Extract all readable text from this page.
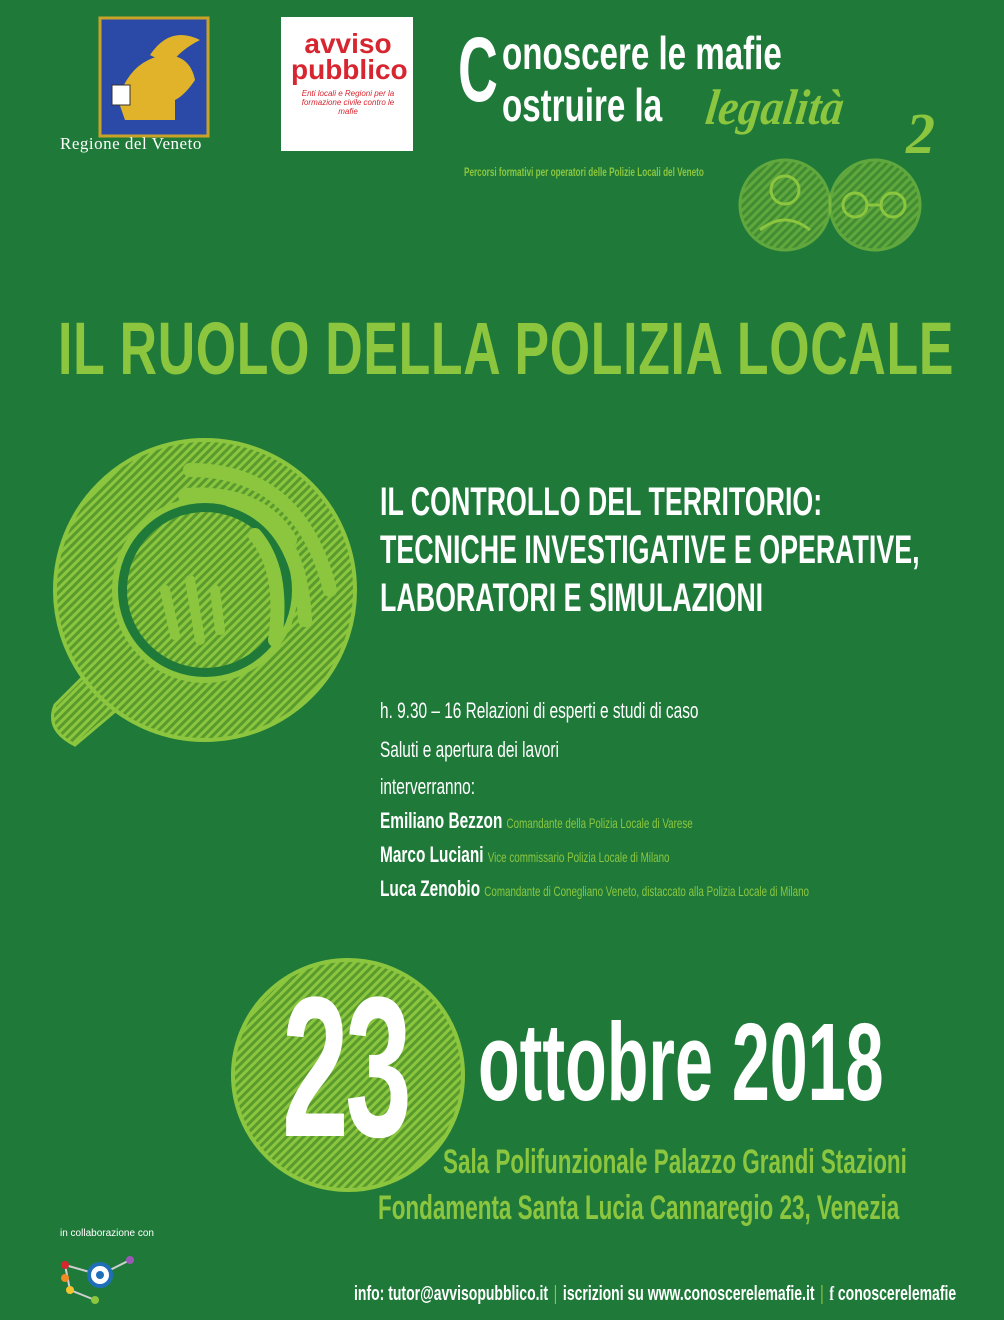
Regione del Veneto
avviso
pubblico
Enti locali e Regioni per la formazione civile contro le mafie	C onoscere le mafie
ostruire la legalità 2
Percorsi formativi per operatori delle Polizie Locali del Veneto
IL RUOLO DELLA POLIZIA LOCALE
IL CONTROLLO DEL TERRITORIO:
TECNICHE INVESTIGATIVE E OPERATIVE,
LABORATORI E SIMULAZIONI
h. 9.30 – 16 Relazioni di esperti e studi di caso
Saluti e apertura dei lavori
interverranno:
Emiliano Bezzon Comandante della Polizia Locale di Varese
Marco Luciani Vice commissario Polizia Locale di Milano
Luca Zenobio Comandante di Conegliano Veneto, distaccato alla Polizia Locale di Milano
23 ottobre 2018
Sala Polifunzionale Palazzo Grandi Stazioni
Fondamenta Santa Lucia Cannaregio 23, Venezia
in collaborazione con
info: tutor@avvisopubblico.it | iscrizioni su www.conoscerelemafie.it | f conoscerelemafie
